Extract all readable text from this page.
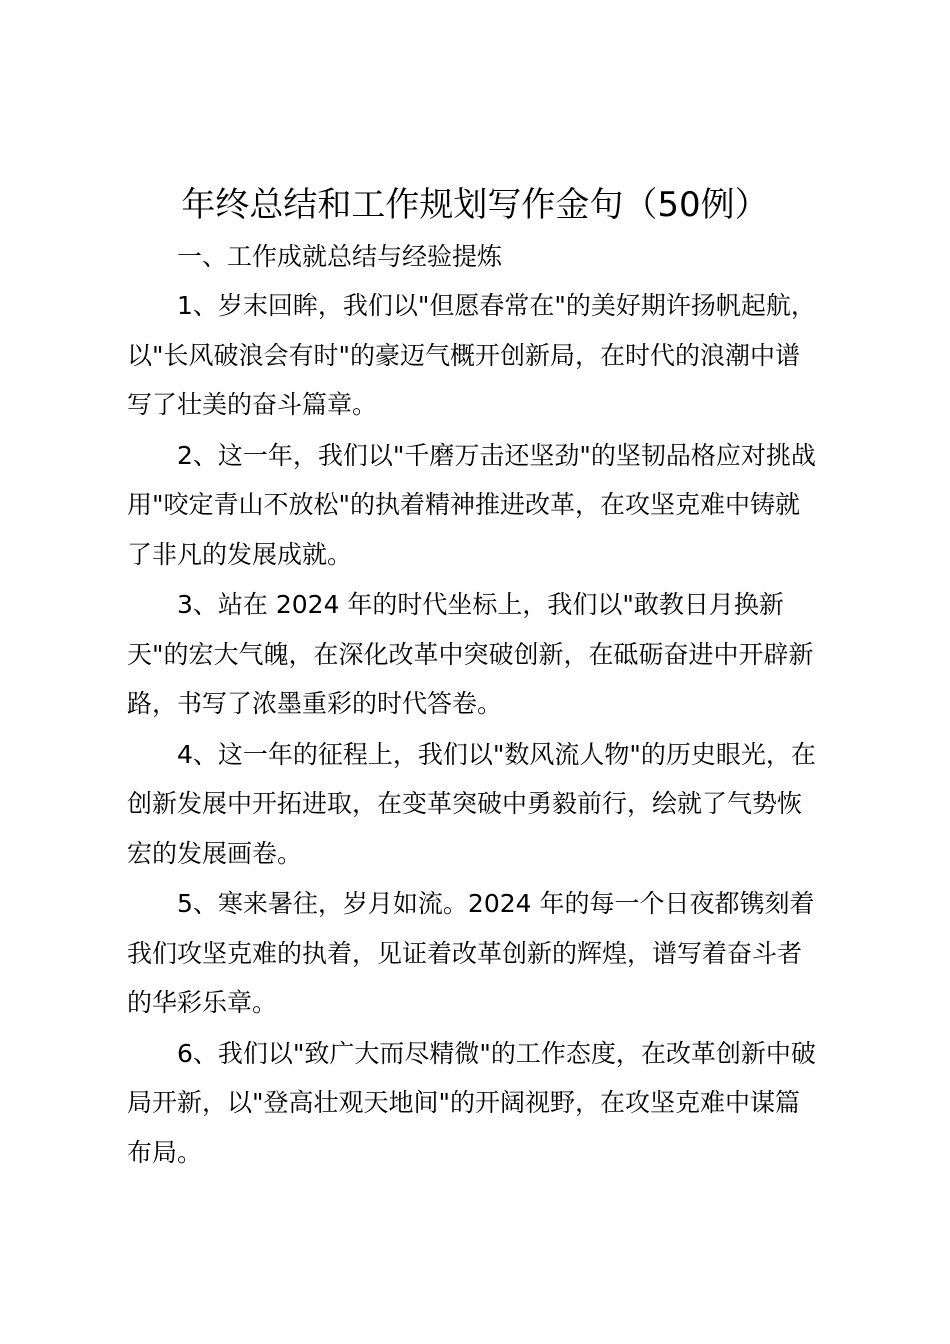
年终总结和工作规划写作金句（50例）

一、工作成就总结与经验提炼

1、岁末回眸，我们以"但愿春常在"的美好期许扬帆起航，
以"长风破浪会有时"的豪迈气概开创新局，在时代的浪潮中谱
写了壮美的奋斗篇章。

2、这一年，我们以"千磨万击还坚劲"的坚韧品格应对挑战
用"咬定青山不放松"的执着精神推进改革，在攻坚克难中铸就
了非凡的发展成就。

3、站在 2024 年的时代坐标上，我们以"敢教日月换新
天"的宏大气魄，在深化改革中突破创新，在砥砺奋进中开辟新
路，书写了浓墨重彩的时代答卷。

4、这一年的征程上，我们以"数风流人物"的历史眼光，在
创新发展中开拓进取，在变革突破中勇毅前行，绘就了气势恢
宏的发展画卷。

5、寒来暑往，岁月如流。2024 年的每一个日夜都镌刻着
我们攻坚克难的执着，见证着改革创新的辉煌，谱写着奋斗者
的华彩乐章。

6、我们以"致广大而尽精微"的工作态度，在改革创新中破
局开新，以"登高壮观天地间"的开阔视野，在攻坚克难中谋篇
布局。
